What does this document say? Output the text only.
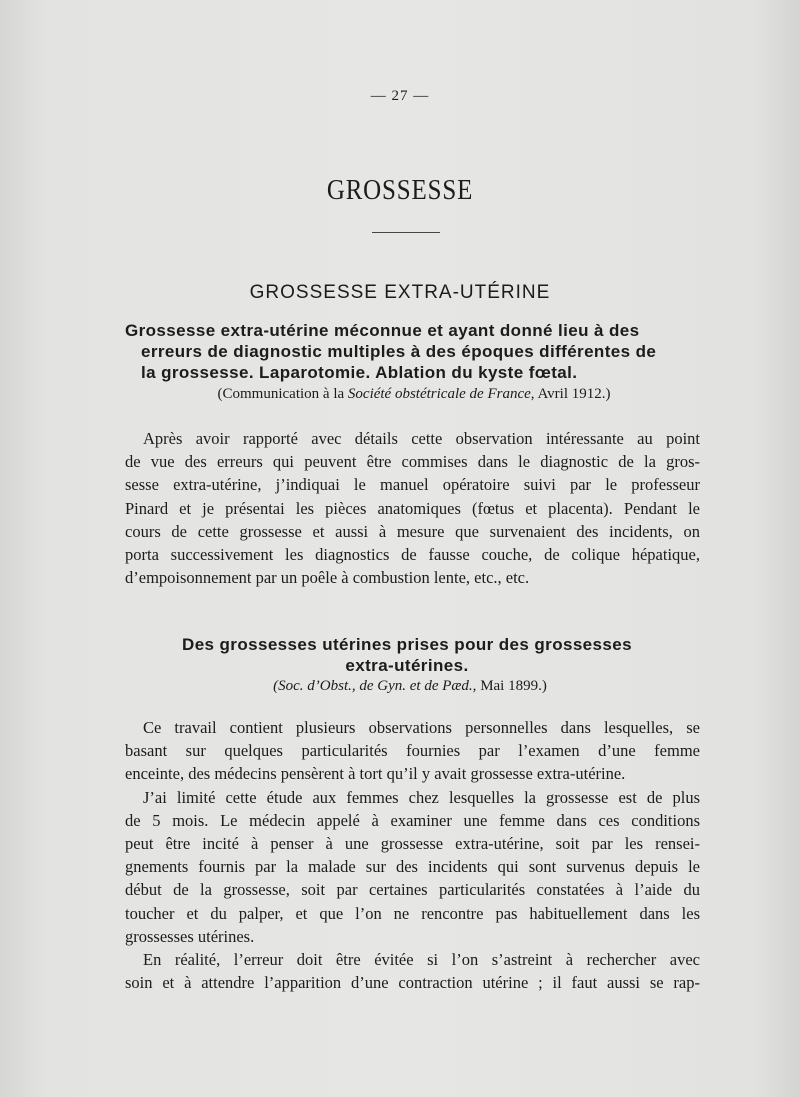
— 27 —
GROSSESSE
GROSSESSE EXTRA-UTÉRINE
Grossesse extra-utérine méconnue et ayant donné lieu à des
erreurs de diagnostic multiples à des époques différentes de
la grossesse. Laparotomie. Ablation du kyste fœtal.
(Communication à la Société obstétricale de France, Avril 1912.)
Après avoir rapporté avec détails cette observation intéressante au point
de vue des erreurs qui peuvent être commises dans le diagnostic de la gros-
sesse extra-utérine, j’indiquai le manuel opératoire suivi par le professeur
Pinard et je présentai les pièces anatomiques (fœtus et placenta). Pendant le
cours de cette grossesse et aussi à mesure que survenaient des incidents, on
porta successivement les diagnostics de fausse couche, de colique hépatique,
d’empoisonnement par un poêle à combustion lente, etc., etc.
Des grossesses utérines prises pour des grossesses
extra-utérines.
(Soc. d’Obst., de Gyn. et de Pæd., Mai 1899.)
Ce travail contient plusieurs observations personnelles dans lesquelles, se
basant sur quelques particularités fournies par l’examen d’une femme
enceinte, des médecins pensèrent à tort qu’il y avait grossesse extra-utérine.
J’ai limité cette étude aux femmes chez lesquelles la grossesse est de plus
de 5 mois. Le médecin appelé à examiner une femme dans ces conditions
peut être incité à penser à une grossesse extra-utérine, soit par les rensei-
gnements fournis par la malade sur des incidents qui sont survenus depuis le
début de la grossesse, soit par certaines particularités constatées à l’aide du
toucher et du palper, et que l’on ne rencontre pas habituellement dans les
grossesses utérines.
En réalité, l’erreur doit être évitée si l’on s’astreint à rechercher avec
soin et à attendre l’apparition d’une contraction utérine ; il faut aussi se rap-
